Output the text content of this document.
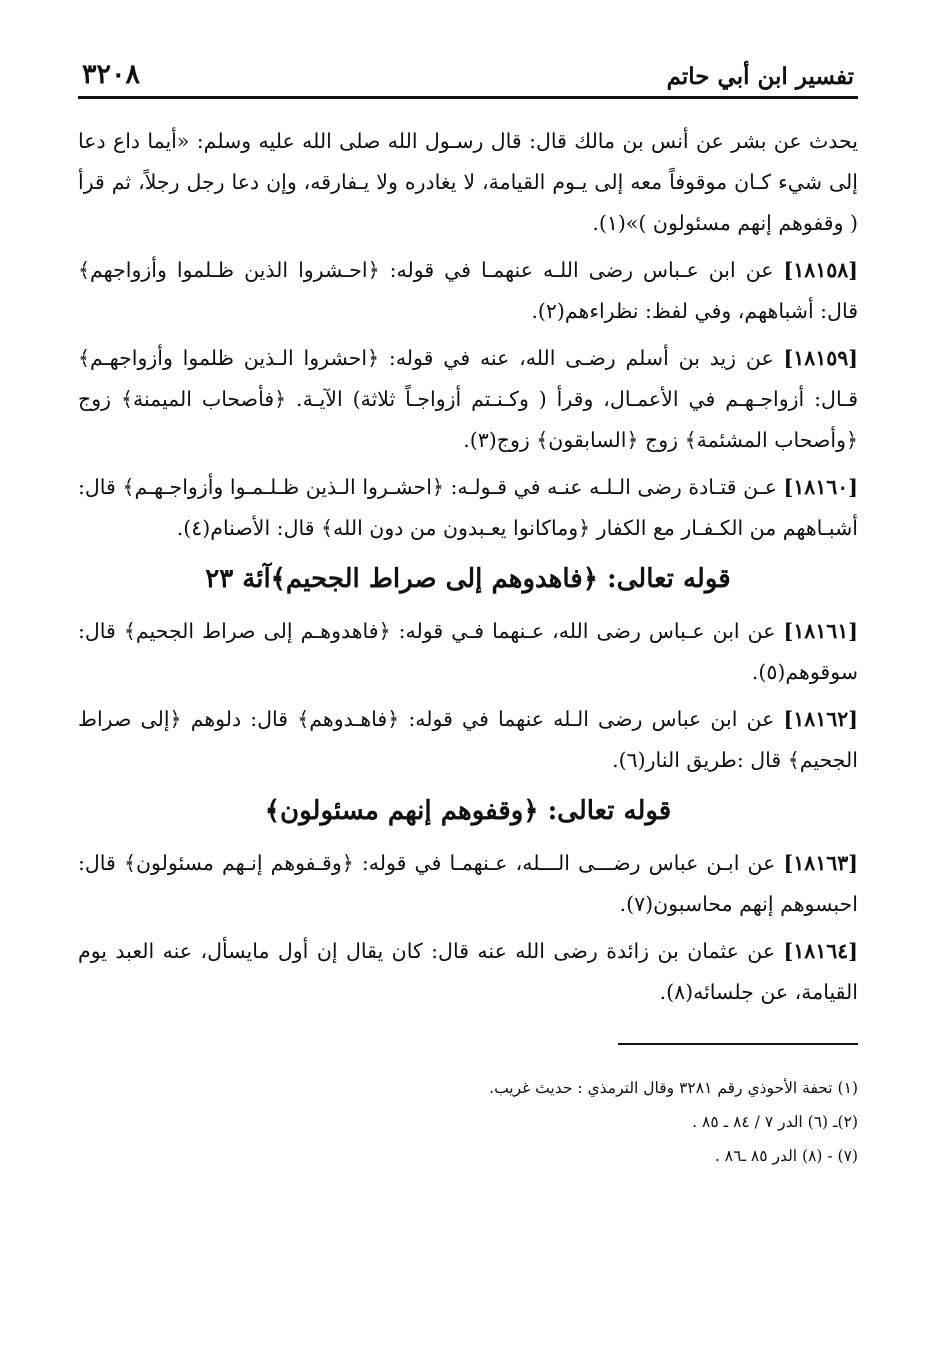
تفسير ابن أبي حاتم
٣٢٠٨

يحدث عن بشر عن أنس بن مالك قال: قال رسـول الله صلى الله عليه وسلم: «أيما داع دعا إلى شيء كـان موقوفاً معه إلى يـوم القيامة، لا يغادره ولا يـفارقه، وإن دعا رجل رجلاً، ثم قرأ ( وقفوهم إنهم مسئولون )»(١).

[١٨١٥٨] عن ابن عـباس رضى اللـه عنهمـا في قوله: ﴿احـشروا الذين ظـلموا وأزواجهم﴾ قال: أشباههم، وفي لفظ: نظراءهم(٢).

[١٨١٥٩] عن زيد بن أسلم رضـى الله، عنه في قوله: ﴿احشروا الـذين ظلموا وأزواجهـم﴾ قـال: أزواجـهـم في الأعمـال، وقرأ ( وكـنـتم أزواجـاً ثلاثة) الآيـة. ﴿فأصحاب الميمنة﴾ زوج ﴿وأصحاب المشئمة﴾ زوج ﴿السابقون﴾ زوج(٣).

[١٨١٦٠] عـن قتـادة رضى الـلـه عنـه في قـولـه: ﴿احشـروا الـذين ظـلـمـوا وأزواجـهـم﴾ قال: أشبـاههم من الكـفـار مع الكفار ﴿وماكانوا يعـبدون من دون الله﴾ قال: الأصنام(٤).

قوله تعالى: ﴿فاهدوهم إلى صراط الجحيم﴾آئة ٢٣

[١٨١٦١] عن ابن عـباس رضى الله، عـنهما فـي قوله: ﴿فاهدوهـم إلى صراط الجحيم﴾ قال: سوقوهم(٥).

[١٨١٦٢] عن ابن عباس رضى الـله عنهما في قوله: ﴿فاهـدوهم﴾ قال: دلوهم ﴿إلى صراط الجحيم﴾ قال :طريق النار(٦).

قوله تعالى: ﴿وقفوهم إنهم مسئولون﴾

[١٨١٦٣] عن ابـن عباس رضـــى الـــله، عـنهمـا في قوله: ﴿وقـفوهم إنـهم مسئولون﴾ قال: احبسوهم إنهم محاسبون(٧).

[١٨١٦٤] عن عثمان بن زائدة رضى الله عنه قال: كان يقال إن أول مايسأل، عنه العبد يوم القيامة، عن جلسائه(٨).

(١) تحفة الأحوذي رقم ٣٢٨١ وقال الترمذي : حديث غريب.

(٢)ـ (٦) الدر ٧ / ٨٤ ـ ٨٥ .

(٧) - (٨) الدر ٨٥ ـ٨٦ .
